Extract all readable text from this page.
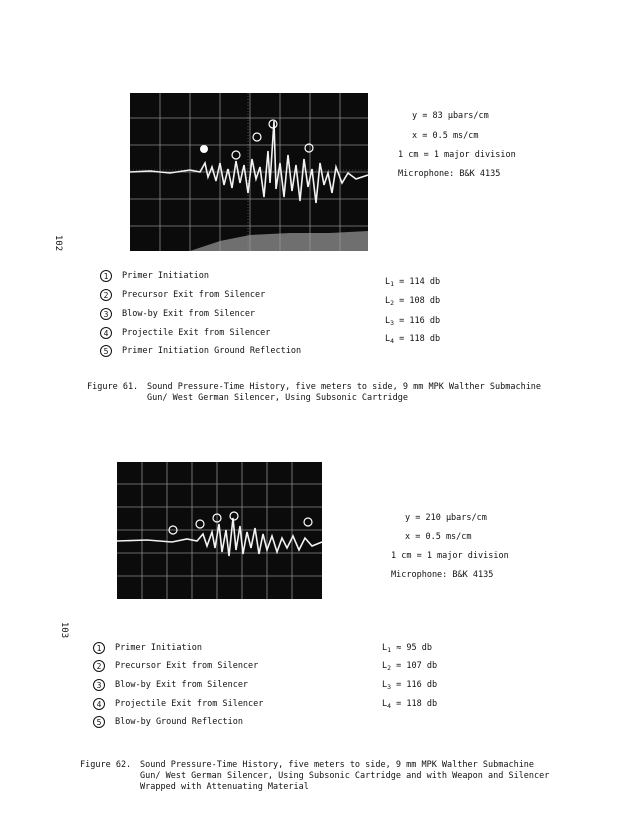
102
y = 83 µbars/cm
x = 0.5 ms/cm
1 cm = 1 major division
Microphone: B&K 4135
1	Primer Initiation
2	Precursor Exit from Silencer
3	Blow-by Exit from Silencer
4	Projectile Exit from Silencer
5	Primer Initiation Ground Reflection
$L_1 = 114$ db
$L_2 = 108$ db
$L_3 = 116$ db
$L_4 = 118$ db
Figure 61. Sound Pressure-Time History, five meters to side, 9 mm MPK Walther Submachine Gun/ West German Silencer, Using Subsonic Cartridge
103
y = 210 µbars/cm
x = 0.5 ms/cm
1 cm = 1 major division
Microphone: B&K 4135
1	Primer Initiation
2	Precursor Exit from Silencer
3	Blow-by Exit from Silencer
4	Projectile Exit from Silencer
5	Blow-by Ground Reflection
$L_1 \approx 95$ db
$L_2 = 107$ db
$L_3 = 116$ db
$L_4 = 118$ db
Figure 62. Sound Pressure-Time History, five meters to side, 9 mm MPK Walther Submachine Gun/ West German Silencer, Using Subsonic Cartridge and with Weapon and Silencer Wrapped with Attenuating Material
